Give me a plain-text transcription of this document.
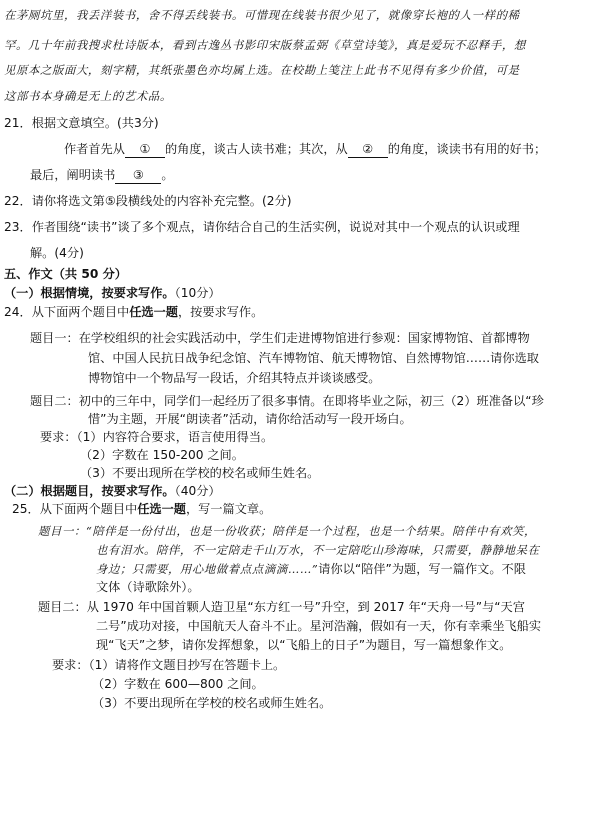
在茅厕坑里，我丢洋装书，舍不得丢线装书。可惜现在线装书很少见了，就像穿长袍的人一样的稀
罕。几十年前我搜求杜诗版本，看到古逸丛书影印宋版蔡孟弼《草堂诗笺》，真是爱玩不忍释手，想
见原本之版面大，刻字精，其纸张墨色亦均属上选。在校勘上笺注上此书不见得有多少价值，可是
这部书本身确是无上的艺术品。
21．根据文意填空。(共3分)
作者首先从 ① 的角度，谈古人读书难；其次，从 ② 的角度，谈读书有用的好书；
最后，阐明读书 ③ 。
22．请你将选文第⑤段横线处的内容补充完整。(2分)
23．作者围绕“读书”谈了多个观点，请你结合自己的生活实例，说说对其中一个观点的认识或理
解。(4分)
五、作文（共 50 分）
（一）根据情境，按要求写作。（10分）
24．从下面两个题目中任选一题，按要求写作。
题目一：在学校组织的社会实践活动中，学生们走进博物馆进行参观：国家博物馆、首都博物
馆、中国人民抗日战争纪念馆、汽车博物馆、航天博物馆、自然博物馆……请你选取
博物馆中一个物品写一段话，介绍其特点并谈谈感受。
题目二：初中的三年中，同学们一起经历了很多事情。在即将毕业之际，初三（2）班准备以“珍
惜”为主题，开展“朗读者”活动，请你给活动写一段开场白。
要求：（1）内容符合要求，语言使用得当。
（2）字数在 150-200 之间。
（3）不要出现所在学校的校名或师生姓名。
（二）根据题目，按要求写作。（40分）
25．从下面两个题目中任选一题，写一篇文章。
题目一：“陪伴是一份付出，也是一份收获；陪伴是一个过程，也是一个结果。陪伴中有欢笑，
也有泪水。陪伴，不一定陪走千山万水，不一定陪吃山珍海味，只需要，静静地呆在
身边；只需要，用心地做着点点滴滴……”请你以“陪伴”为题，写一篇作文。不限
文体（诗歌除外）。
题目二：从 1970 年中国首颗人造卫星“东方红一号”升空，到 2017 年“天舟一号”与“天宫
二号”成功对接，中国航天人奋斗不止。星河浩瀚，假如有一天，你有幸乘坐飞船实
现“飞天”之梦，请你发挥想象，以“飞船上的日子”为题目，写一篇想象作文。
要求：（1）请将作文题目抄写在答题卡上。
（2）字数在 600—800 之间。
（3）不要出现所在学校的校名或师生姓名。
